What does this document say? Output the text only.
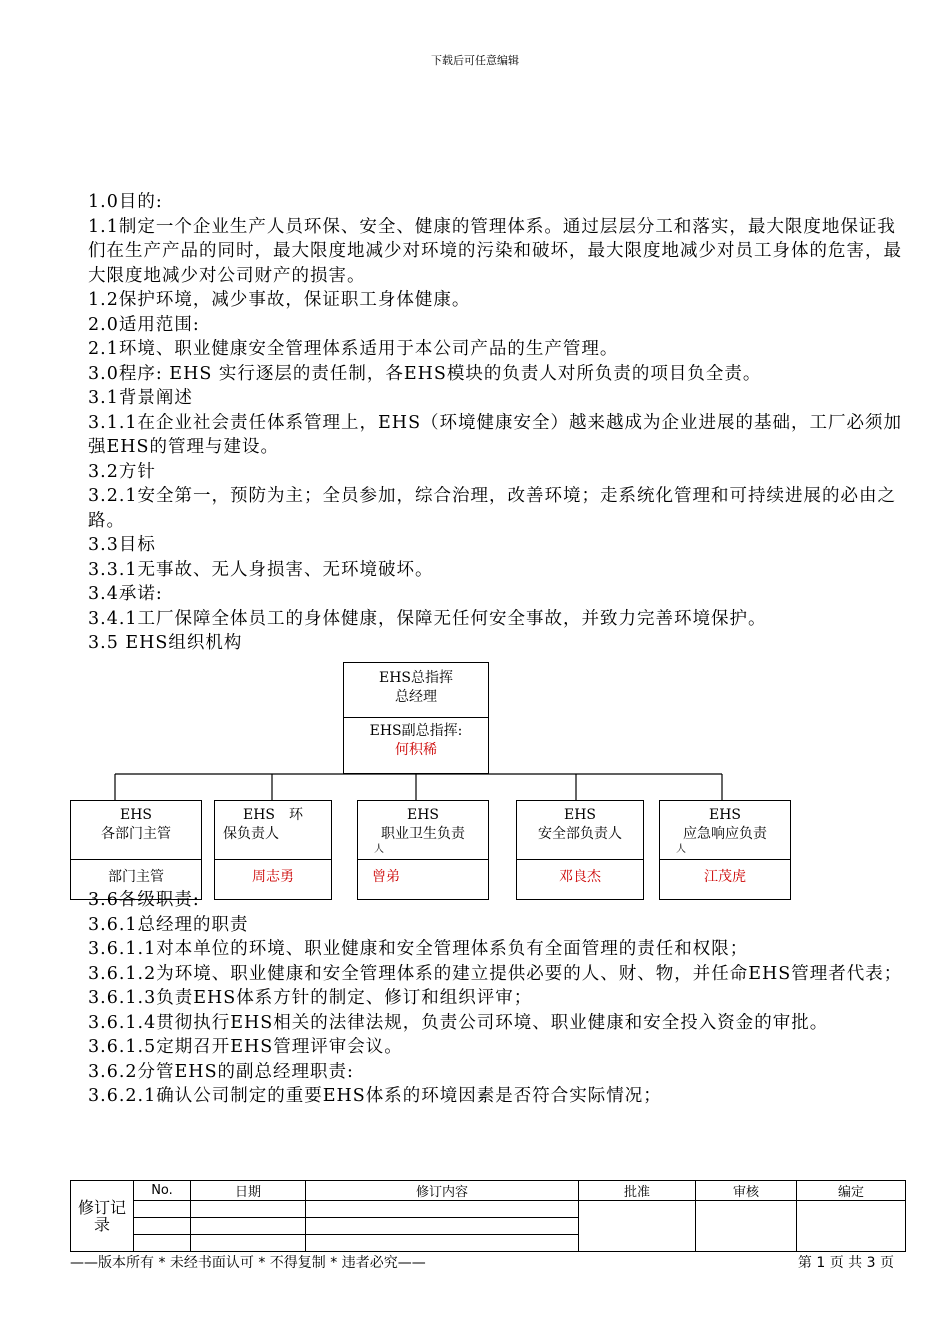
下载后可任意编辑

1.0目的:

1.1制定一个企业生产人员环保、安全、健康的管理体系。通过层层分工和落实，最大限度地保证我们在生产产品的同时，最大限度地减少对环境的污染和破坏，最大限度地减少对员工身体的危害，最大限度地减少对公司财产的损害。

1.2保护环境，减少事故，保证职工身体健康。

2.0适用范围:

2.1环境、职业健康安全管理体系适用于本公司产品的生产管理。

3.0程序: EHS 实行逐层的责任制，各EHS模块的负责人对所负责的项目负全责。

3.1背景阐述

3.1.1在企业社会责任体系管理上，EHS（环境健康安全）越来越成为企业进展的基础，工厂必须加强EHS的管理与建设。

3.2方针

3.2.1安全第一，预防为主；全员参加，综合治理，改善环境；走系统化管理和可持续进展的必由之路。

3.3目标

3.3.1无事故、无人身损害、无环境破坏。

3.4承诺:

3.4.1工厂保障全体员工的身体健康，保障无任何安全事故，并致力完善环境保护。

3.5 EHS组织机构

EHS总指挥
总经理
EHS副总指挥:
何积稀
EHS
各部门主管
部门主管
EHS　环
保负责人
周志勇
EHS
职业卫生负责
人
曾弟
EHS
安全部负责人
邓良杰
EHS
应急响应负责
人
江茂虎

3.6各级职责:

3.6.1总经理的职责

3.6.1.1对本单位的环境、职业健康和安全管理体系负有全面管理的责任和权限；

3.6.1.2为环境、职业健康和安全管理体系的建立提供必要的人、财、物，并任命EHS管理者代表；

3.6.1.3负责EHS体系方针的制定、修订和组织评审；

3.6.1.4贯彻执行EHS相关的法律法规，负责公司环境、职业健康和安全投入资金的审批。

3.6.1.5定期召开EHS管理评审会议。

3.6.2分管EHS的副总经理职责:

3.6.2.1确认公司制定的重要EHS体系的环境因素是否符合实际情况；

修订记录	No.	日期	修订内容	批准	审核	编定

——版本所有 * 未经书面认可 * 不得复制 * 违者必究——	第 1 页 共 3 页
